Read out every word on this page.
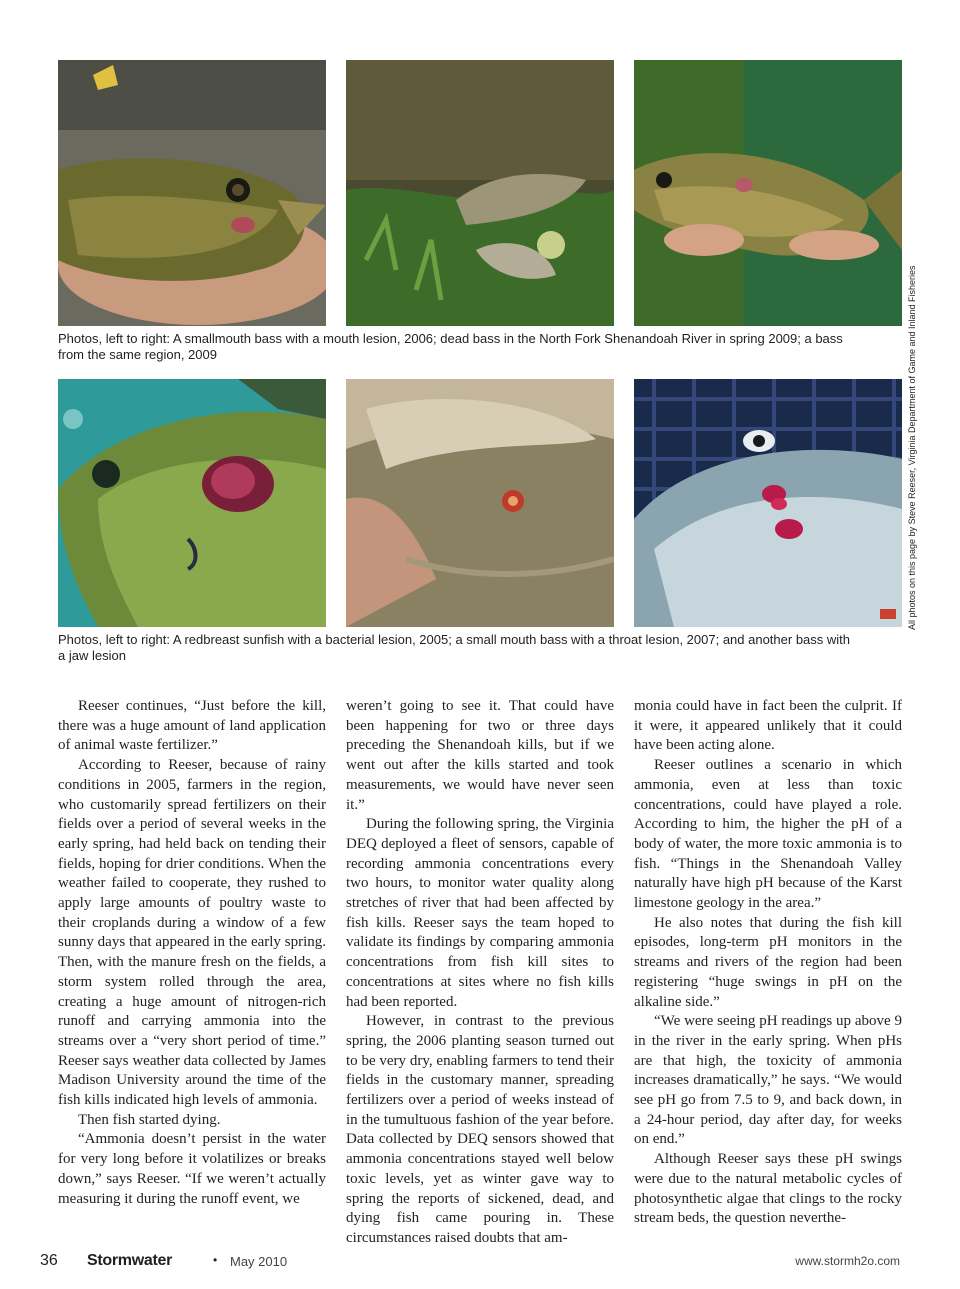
Photos, left to right: A smallmouth bass with a mouth lesion, 2006; dead bass in the North Fork Shenandoah River in spring 2009; a bass from the same region, 2009
Photos, left to right: A redbreast sunfish with a bacterial lesion, 2005; a small mouth bass with a throat lesion, 2007; and another bass with a jaw lesion
All photos on this page by Steve Reeser, Virginia Department of Game and Inland Fisheries

Reeser continues, “Just before the kill, there was a huge amount of land application of animal waste fertilizer.”

According to Reeser, because of rainy conditions in 2005, farmers in the region, who customarily spread fertilizers on their fields over a period of several weeks in the early spring, had held back on tending their fields, hoping for drier conditions. When the weather failed to cooperate, they rushed to apply large amounts of poultry waste to their croplands during a window of a few sunny days that appeared in the early spring. Then, with the manure fresh on the fields, a storm system rolled through the area, creating a huge amount of nitrogen-rich runoff and carrying ammonia into the streams over a “very short period of time.” Reeser says weather data collected by James Madison University around the time of the fish kills indicated high levels of ammonia.

Then fish started dying.

“Ammonia doesn’t persist in the water for very long before it volatilizes or breaks down,” says Reeser. “If we weren’t actually measuring it during the runoff event, we

weren’t going to see it. That could have been happening for two or three days preceding the Shenandoah kills, but if we went out after the kills started and took measurements, we would have never seen it.”

During the following spring, the Virginia DEQ deployed a fleet of sensors, capable of recording ammonia concentrations every two hours, to monitor water quality along stretches of river that had been affected by fish kills. Reeser says the team hoped to validate its findings by comparing ammonia concentrations from fish kill sites to concentrations at sites where no fish kills had been reported.

However, in contrast to the previous spring, the 2006 planting season turned out to be very dry, enabling farmers to tend their fields in the customary manner, spreading fertilizers over a period of weeks instead of in the tumultuous fashion of the year before. Data collected by DEQ sensors showed that ammonia concentrations stayed well below toxic levels, yet as winter gave way to spring the reports of sickened, dead, and dying fish came pouring in. These circumstances raised doubts that am-

monia could have in fact been the culprit. If it were, it appeared unlikely that it could have been acting alone.

Reeser outlines a scenario in which ammonia, even at less than toxic concentrations, could have played a role. According to him, the higher the pH of a body of water, the more toxic ammonia is to fish. “Things in the Shenandoah Valley naturally have high pH because of the Karst limestone geology in the area.”

He also notes that during the fish kill episodes, long-term pH monitors in the streams and rivers of the region had been registering “huge swings in pH on the alkaline side.”

“We were seeing pH readings up above 9 in the river in the early spring. When pHs are that high, the toxicity of ammonia increases dramatically,” he says. “We would see pH go from 7.5 to 9, and back down, in a 24-hour period, day after day, for weeks on end.”

Although Reeser says these pH swings were due to the natural metabolic cycles of photosynthetic algae that clings to the rocky stream beds, the question neverthe-

36 Stormwater	• May 2010	www.stormh2o.com
